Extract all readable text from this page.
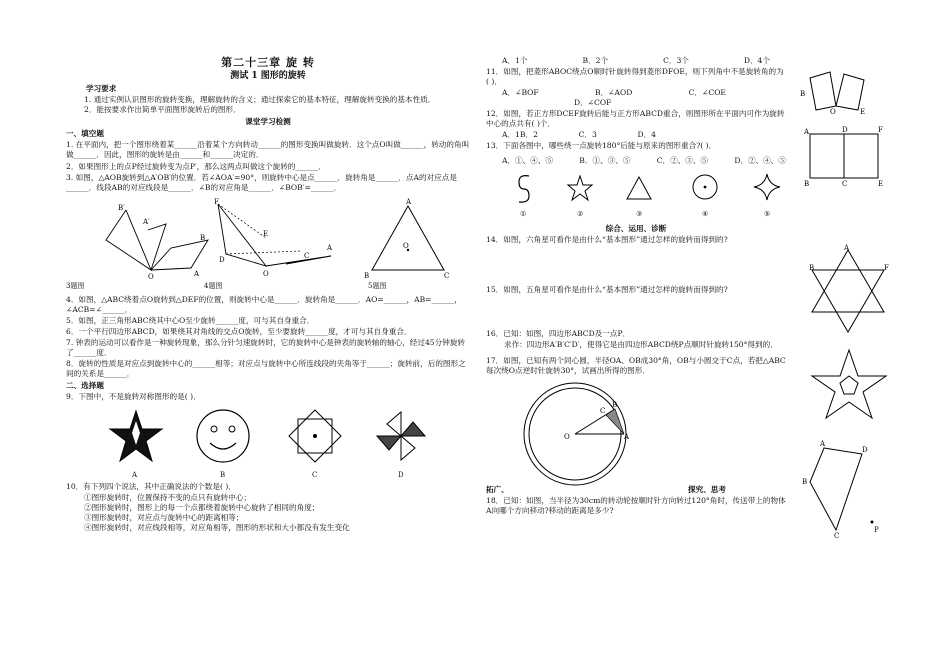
第二十三章 旋 转

测试 1 图形的旋转

学习要求

1. 通过实例认识图形的旋转变换，理解旋转的含义；通过探索它的基本特征，理解旋转变换的基本性质．

2．能按要求作出简单平面图形旋转后的图形．

课堂学习检测

一、填空题

1. 在平面内，把一个图形绕着某______沿着某个方向转动______的图形变换叫做旋转．这个点O叫做______，转动的角叫做______．因此，图形的旋转是由______和______决定的．

2．如果图形上的点P经过旋转变为点P′，那么这两点叫做这个旋转的______．

3. 如图，△AOB旋转到△A′OB′的位置．若∠AOA′=90°，则旋转中心是点______．旋转角是______．点A的对应点是______．线段AB的对应线段是______．∠B的对应角是______．∠BOB′=______．

B′
A′
O	A
B
F
E
D
O
C
A
A
O
B	C
3题图	4题图	5题图

4．如图，△ABC绕着点O旋转到△DEF的位置，则旋转中心是______．旋转角是______．AO=______，AB=______，∠ACB=∠______．

5．如图，正三角形ABC绕其中心O至少旋转______度，可与其自身重合．

6．一个平行四边形ABCD，如果绕其对角线的交点O旋转，至少要旋转______度，才可与其自身重合．

7. 钟表的运动可以看作是一种旋转现象，那么分针匀速旋转时，它的旋转中心是钟表的旋转轴的轴心，经过45分钟旋转了______度．

8．旋转的性质是对应点到旋转中心的______相等；对应点与旋转中心所连线段的夹角等于______；旋转前，后的图形之间的关系是______．

二、选择题

9．下图中，不是旋转对称图形的是( )．

A	B	C	D

10．有下列四个说法，其中正确说法的个数是( )．

①图形旋转时，位置保持不变的点只有旋转中心；

②图形旋转时，图形上的每一个点都绕着旋转中心旋转了相同的角度；

③图形旋转时，对应点与旋转中心的距离相等；

④图形旋转时，对应线段相等，对应角相等，图形的形状和大小都没有发生变化

A．1个	B．2个	C．3个	D．4个

11．如图，把菱形ABOC绕点O顺时针旋转得到菱形DFOE，则下列角中不是旋转角的为( )．

A．∠BOF	B．∠AOD	C．∠COE

D．∠COF

12．如图，若正方形DCEF旋转后能与正方形ABCD重合，则图形所在平面内可作为旋转中心的点共有( )个．

A．1B．2	C．3	D．4

13．下面各图中，哪些绕一点旋转180°后能与原来的图形重合?( )．

A．①、④、⑤	B．①、③、⑤	C．②、③、⑤	D．②、④、⑤
①	②	③	④	⑤

综合、运用、诊断

14．如图，六角星可看作是由什么“基本图形”通过怎样的旋转而得到的?

15．如图，五角星可看作是由什么“基本图形”通过怎样的旋转而得到的?

16．已知：如图，四边形ABCD及一点P．

求作：四边形A′B′C′D′，使得它是由四边形ABCD绕P点顺时针旋转150°得到的．

17．如图，已知有两个同心圆，半径OA、OB成30°角，OB与小圆交于C点，若把△ABC每次绕O点逆时针旋转30°，试画出所得的图形．

O	A
B
C
拓广、	探究、思考

18．已知：如图，当半径为30cm的转动轮按顺时针方向转过120°角时，传送带上的物体A向哪个方向移动?移动的距离是多少?

B
O	E
A	D	F
B	C	E
B	F
A
A
D
B
C
P
